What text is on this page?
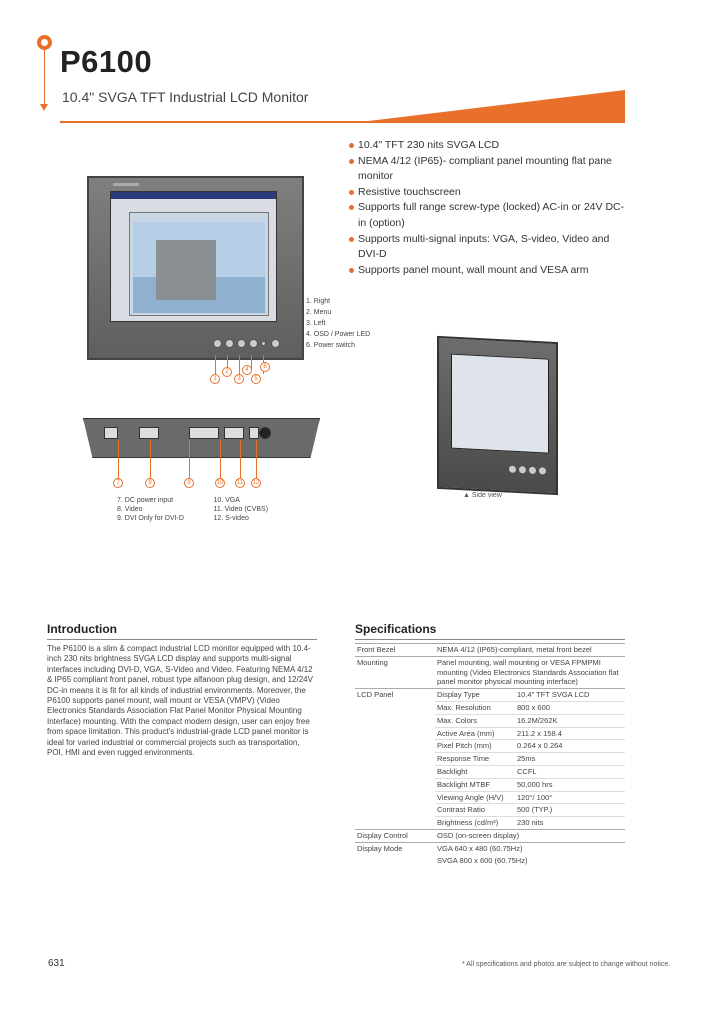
P6100
10.4" SVGA TFT Industrial LCD Monitor
10.4" TFT 230 nits SVGA LCD
NEMA 4/12 (IP65)- compliant panel mounting flat pane monitor
Resistive touchscreen
Supports full range screw-type (locked) AC-in or 24V DC-in (option)
Supports multi-signal inputs: VGA, S-video, Video and DVI-D
Supports panel mount, wall mount and VESA arm
1. Right
2. Menu
3. Left
4. OSD / Power LED
6. Power switch
1
2
3
4
5
6
▲ Side view
7	8	9	10	11	12
7. DC power input
8. Video
9. DVI Only for DVI-D

10. VGA
11. Video (CVBS)
12. S-video
Introduction

The P6100 is a slim & compact industrial LCD monitor equipped with 10.4-inch 230 nits brightness SVGA LCD display and supports multi-signal interfaces including DVI-D, VGA, S-Video and Video. Featuring NEMA 4/12 & IP65 compliant front panel, robust type alfanoon plug design, and 12/24V DC-in means it is fit for all kinds of industrial environments. Moreover, the P6100 supports panel mount, wall mount or VESA (VMPV) (Video Electronics Standards Association Flat Panel Monitor Physical Mounting Interface) mounting. With the compact modern design, user can enjoy free from space limitation. This product's industrial-grade LCD panel monitor is ideal for varied industrial or commercial projects such as transportation, POI, HMI and even rugged environments.

Specifications
Front Bezel	NEMA 4/12 (IP65)-compliant, metal front bezel	
Mounting	Panel mounting, wall mounting or VESA FPMPMI mounting (Video Electronics Standards Association flat panel monitor physical mounting interface)	
LCD Panel	Display Type	10.4" TFT SVGA LCD
	Max. Resolution	800 x 600
	Max. Colors	16.2M/262K
	Active Area (mm)	211.2 x 158.4
	Pixel Pitch (mm)	0.264 x 0.264
	Response Time	25ms
	Backlight	CCFL
	Backlight MTBF	50,000 hrs
	Viewing Angle (H/V)	120°/ 100°
	Contrast Ratio	500 (TYP.)
	Brightness (cd/m²)	230 nits
Display Control	OSD (on-screen display)	
Display Mode	VGA 640 x 480 (60.75Hz)	
	SVGA 800 x 600 (60.75Hz)	
631	* All specifications and photos are subject to change without notice.
